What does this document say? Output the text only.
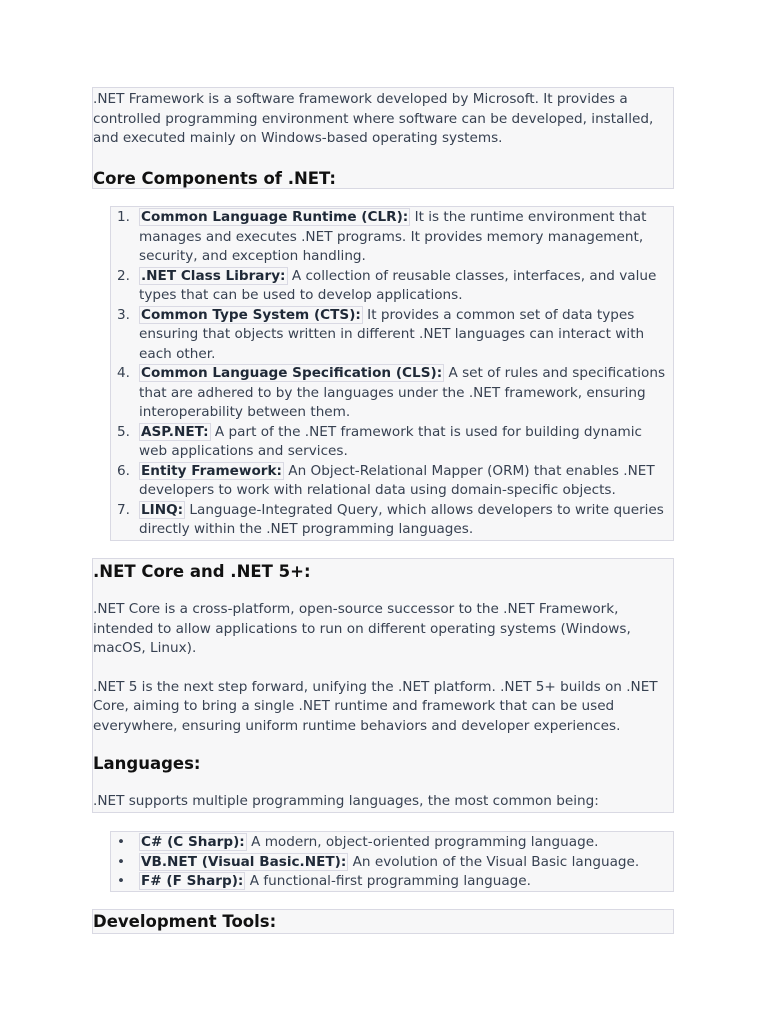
.NET Framework is a software framework developed by Microsoft. It provides a controlled programming environment where software can be developed, installed, and executed mainly on Windows-based operating systems.

Core Components of .NET:
1. Common Language Runtime (CLR): It is the runtime environment that manages and executes .NET programs. It provides memory management, security, and exception handling.
2. .NET Class Library: A collection of reusable classes, interfaces, and value types that can be used to develop applications.
3. Common Type System (CTS): It provides a common set of data types ensuring that objects written in different .NET languages can interact with each other.
4. Common Language Specification (CLS): A set of rules and specifications that are adhered to by the languages under the .NET framework, ensuring interoperability between them.
5. ASP.NET: A part of the .NET framework that is used for building dynamic web applications and services.
6. Entity Framework: An Object-Relational Mapper (ORM) that enables .NET developers to work with relational data using domain-specific objects.
7. LINQ: Language-Integrated Query, which allows developers to write queries directly within the .NET programming languages.
.NET Core and .NET 5+:

.NET Core is a cross-platform, open-source successor to the .NET Framework, intended to allow applications to run on different operating systems (Windows, macOS, Linux).

.NET 5 is the next step forward, unifying the .NET platform. .NET 5+ builds on .NET Core, aiming to bring a single .NET runtime and framework that can be used everywhere, ensuring uniform runtime behaviors and developer experiences.

Languages:

.NET supports multiple programming languages, the most common being:

• C# (C Sharp): A modern, object-oriented programming language.
• VB.NET (Visual Basic.NET): An evolution of the Visual Basic language.
• F# (F Sharp): A functional-first programming language.
Development Tools:
